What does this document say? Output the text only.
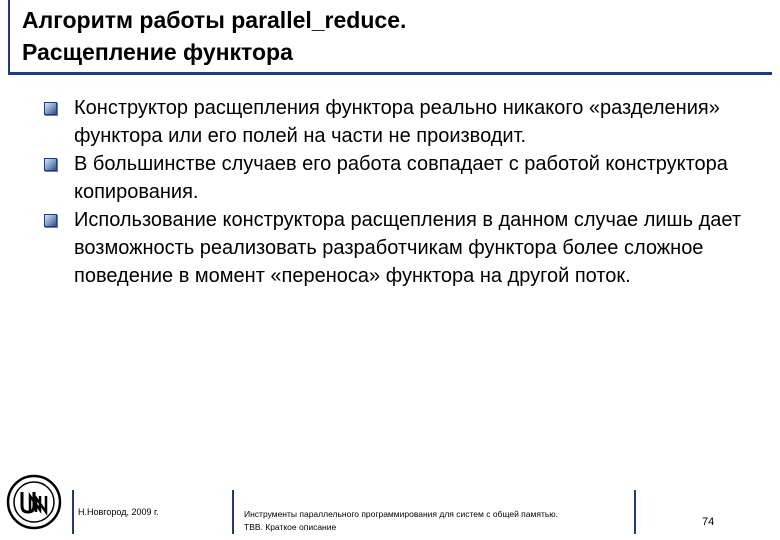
Алгоритм работы parallel_reduce.
Расщепление функтора
Конструктор расщепления функтора реально никакого «разделения» функтора или его полей на части не производит.
В большинстве случаев его работа совпадает с работой конструктора копирования.
Использование конструктора расщепления в данном случае лишь дает возможность реализовать разработчикам функтора более сложное поведение в момент «переноса» функтора на другой поток.
Н.Новгород, 2009 г.	Инструменты параллельного программирования для систем с общей памятью.
TBB. Краткое описание	74
